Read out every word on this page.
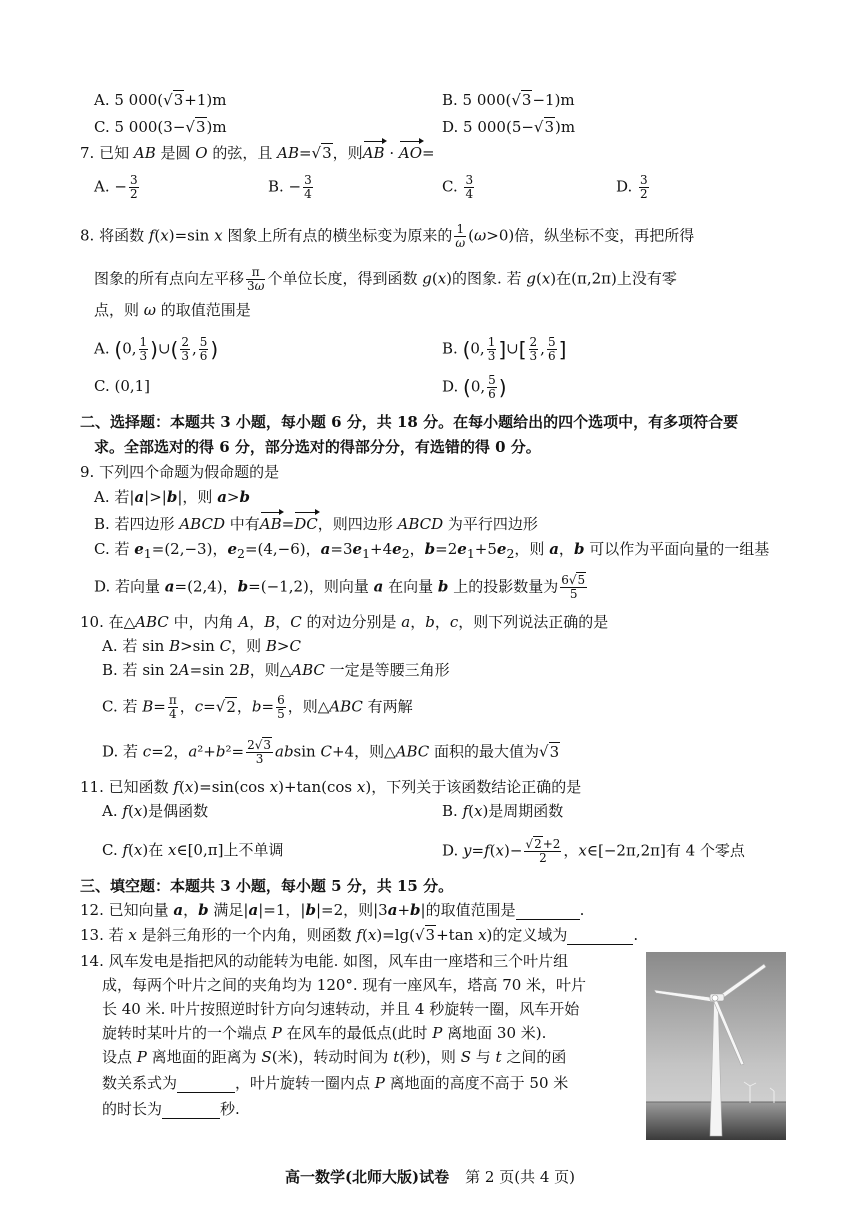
A. 5 000(√3+1)m	B. 5 000(√3−1)m
C. 5 000(3−√3)m	D. 5 000(5−√3)m
7. 已知 AB 是圆 O 的弦，且 AB=√3，则AB · AO=
A. − $\frac{3}{2}$	B. − $\frac{3}{4}$	C. $\frac{3}{4}$	D. $\frac{3}{2}$
8. 将函数 f(x)=sin x 图象上所有点的横坐标变为原来的 $\frac{1}{\omega} (\omega>0)$倍，纵坐标不变，再把所得
图象的所有点向左平移 $\frac{\pi}{3\omega}$ 个单位长度，得到函数 g(x)的图象. 若 g(x)在(π,2π)上没有零
点，则 ω 的取值范围是
A. (0, $\frac{1}{3}$ )∪( $\frac{2}{3}$ , $\frac{5}{6}$ )	B. (0, $\frac{1}{3}$ ]∪[ $\frac{2}{3}$ , $\frac{5}{6}$ ]
C. (0,1]	D. (0, $\frac{5}{6}$ )
二、选择题：本题共 3 小题，每小题 6 分，共 18 分。在每小题给出的四个选项中，有多项符合要
求。全部选对的得 6 分，部分选对的得部分分，有选错的得 0 分。
9. 下列四个命题为假命题的是
A. 若|a|>|b|，则 a>b
B. 若四边形 ABCD 中有AB=DC，则四边形 ABCD 为平行四边形
C. 若 $e_1=(2,-3)$，$e_2=(4,-6)$，$a=3e_1+4e_2$，$b=2e_1+5e_2$，则 a，b 可以作为平面向量的一组基
D. 若向量 a=(2,4)，b=(−1,2)，则向量 a 在向量 b 上的投影数量为 $\frac{6√5}{5}$
10. 在△ABC 中，内角 A，B，C 的对边分别是 a，b，c，则下列说法正确的是
A. 若 sin B>sin C，则 B>C
B. 若 sin 2A=sin 2B，则△ABC 一定是等腰三角形
C. 若 $B= \frac{\pi}{4}$ ，c=√2，$b= \frac{6}{5}$ ，则△ABC 有两解
D. 若 c=2，$a^2+b^2= \frac{2√3}{3}$ absin C+4，则△ABC 面积的最大值为√3
11. 已知函数 f(x)=sin(cos x)+tan(cos x)，下列关于该函数结论正确的是
A. f(x)是偶函数	B. f(x)是周期函数
C. f(x)在 x∈[0,π]上不单调	D. $y=f(x)- \frac{√2+2}{2}$ ，x∈[−2π,2π]有 4 个零点
三、填空题：本题共 3 小题，每小题 5 分，共 15 分。
12. 已知向量 a，b 满足|a|=1，|b|=2，则|3a+b|的取值范围是	.
13. 若 x 是斜三角形的一个内角，则函数 f(x)=lg(√3+tan x)的定义域为	.
14. 风车发电是指把风的动能转为电能. 如图，风车由一座塔和三个叶片组
成，每两个叶片之间的夹角均为 120°. 现有一座风车，塔高 70 米，叶片
长 40 米. 叶片按照逆时针方向匀速转动，并且 4 秒旋转一圈，风车开始
旋转时某叶片的一个端点 P 在风车的最低点(此时 P 离地面 30 米).
设点 P 离地面的距离为 S(米)，转动时间为 t(秒)，则 S 与 t 之间的函
数关系式为	，叶片旋转一圈内点 P 离地面的高度不高于 50 米
的时长为	秒.
高一数学(北师大版)试卷 第 2 页(共 4 页)
